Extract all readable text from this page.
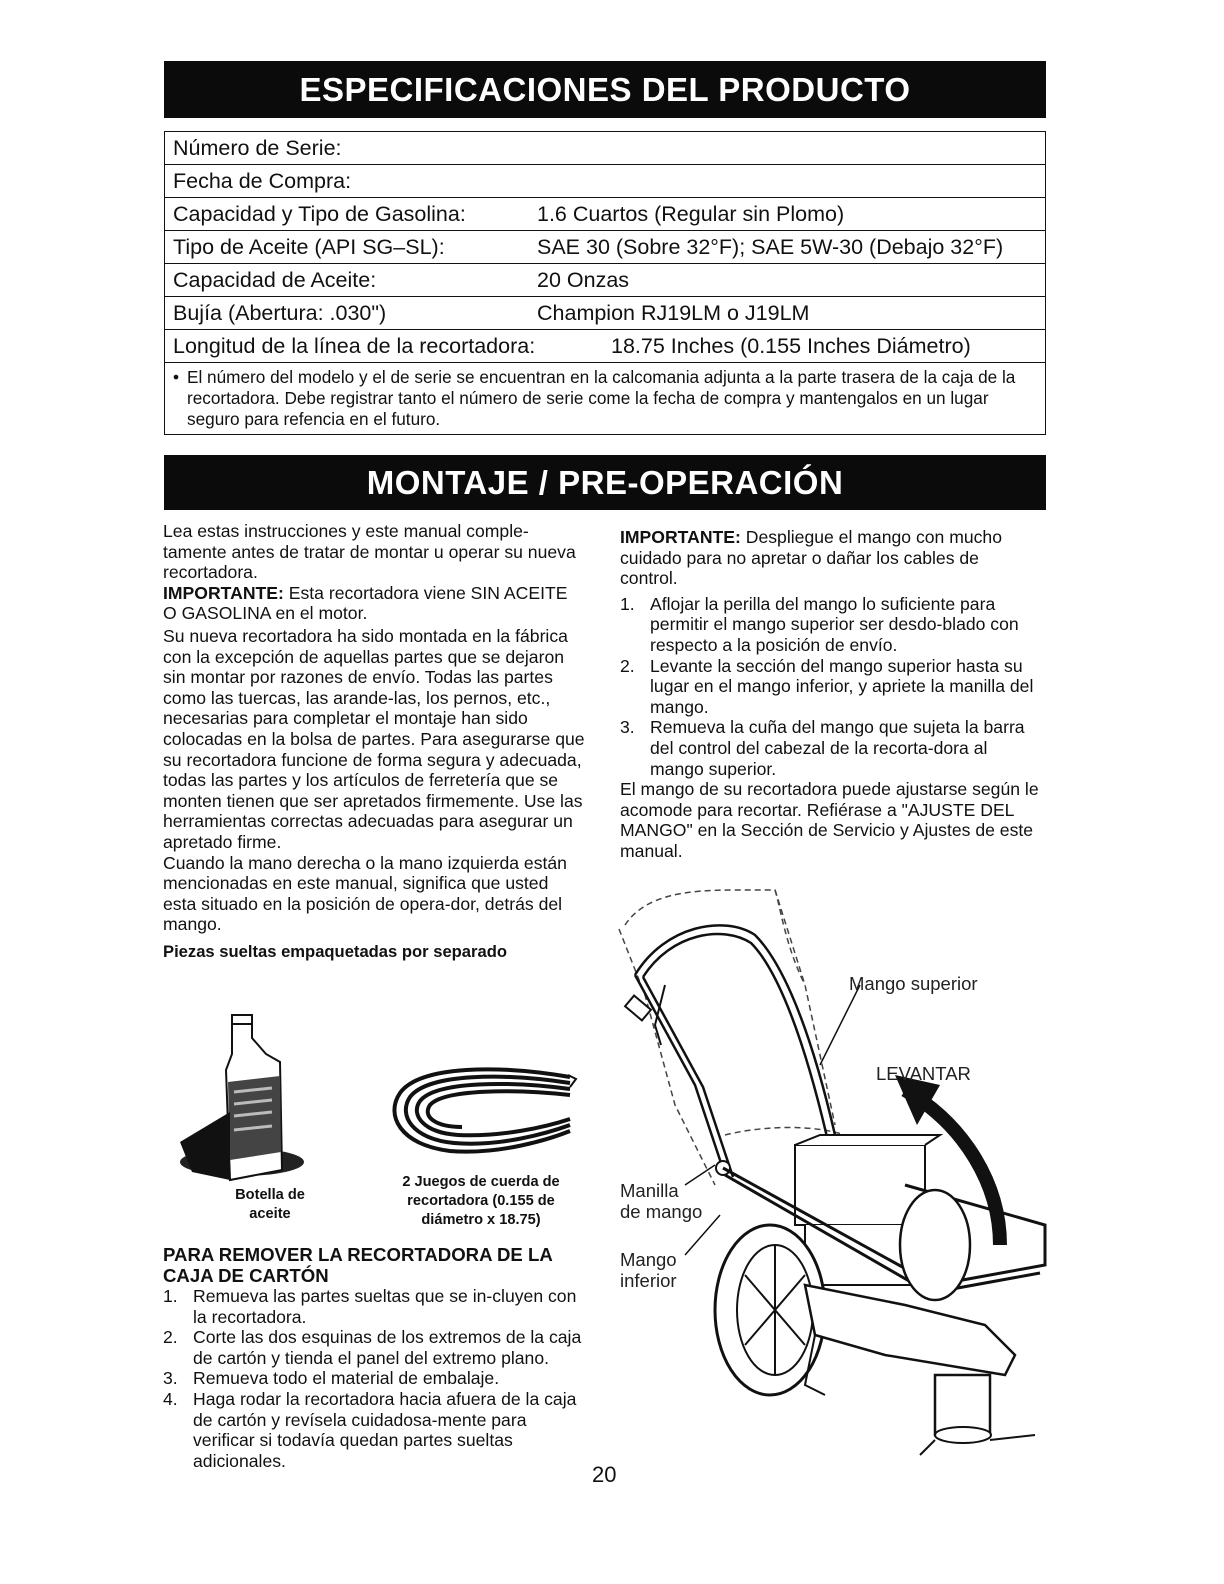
ESPECIFICACIONES DEL PRODUCTO
Número de Serie:
Fecha de Compra:
Capacidad y Tipo de Gasolina:	1.6 Cuartos (Regular sin Plomo)
Tipo de Aceite (API SG–SL):	SAE 30 (Sobre 32°F); SAE 5W-30 (Debajo 32°F)
Capacidad de Aceite:	20 Onzas
Bujía (Abertura: .030")	Champion RJ19LM o J19LM
Longitud de la línea de la recortadora:	18.75 Inches (0.155 Inches Diámetro)
• El número del modelo y el de serie se encuentran en la calcomania adjunta a la parte trasera de la caja de la recortadora. Debe registrar tanto el número de serie come la fecha de compra y mantengalos en un lugar seguro para refencia en el futuro.
MONTAJE / PRE-OPERACIÓN

Lea estas instrucciones y este manual comple-tamente antes de tratar de montar u operar su nueva recortadora.

IMPORTANTE: Esta recortadora viene SIN ACEITE O GASOLINA en el motor.

Su nueva recortadora ha sido montada en la fábrica con la excepción de aquellas partes que se dejaron sin montar por razones de envío. Todas las partes como las tuercas, las arande-las, los pernos, etc., necesarias para completar el montaje han sido colocadas en la bolsa de partes. Para asegurarse que su recortadora funcione de forma segura y adecuada, todas las partes y los artículos de ferretería que se monten tienen que ser apretados firmemente. Use las herramientas correctas adecuadas para asegurar un apretado firme.

Cuando la mano derecha o la mano izquierda están mencionadas en este manual, significa que usted esta situado en la posición de opera-dor, detrás del mango.

Piezas sueltas empaquetadas por separado

Botella de aceite
2 Juegos de cuerda de recortadora (0.155 de diámetro x 18.75)

PARA REMOVER LA RECORTADORA DE LA CAJA DE CARTÓN

1. Remueva las partes sueltas que se in-cluyen con la recortadora.
2. Corte las dos esquinas de los extremos de la caja de cartón y tienda el panel del extremo plano.
3. Remueva todo el material de embalaje.
4. Haga rodar la recortadora hacia afuera de la caja de cartón y revísela cuidadosa-mente para verificar si todavía quedan partes sueltas adicionales.

IMPORTANTE: Despliegue el mango con mucho cuidado para no apretar o dañar los cables de control.

1. Aflojar la perilla del mango lo suficiente para permitir el mango superior ser desdo-blado con respecto a la posición de envío.
2. Levante la sección del mango superior hasta su lugar en el mango inferior, y apriete la manilla del mango.
3. Remueva la cuña del mango que sujeta la barra del control del cabezal de la recorta-dora al mango superior.

El mango de su recortadora puede ajustarse según le acomode para recortar. Refiérase a "AJUSTE DEL MANGO" en la Sección de Servicio y Ajustes de este manual.

Mango superior
LEVANTAR
Manilla
de mango
Mango
inferior
20
